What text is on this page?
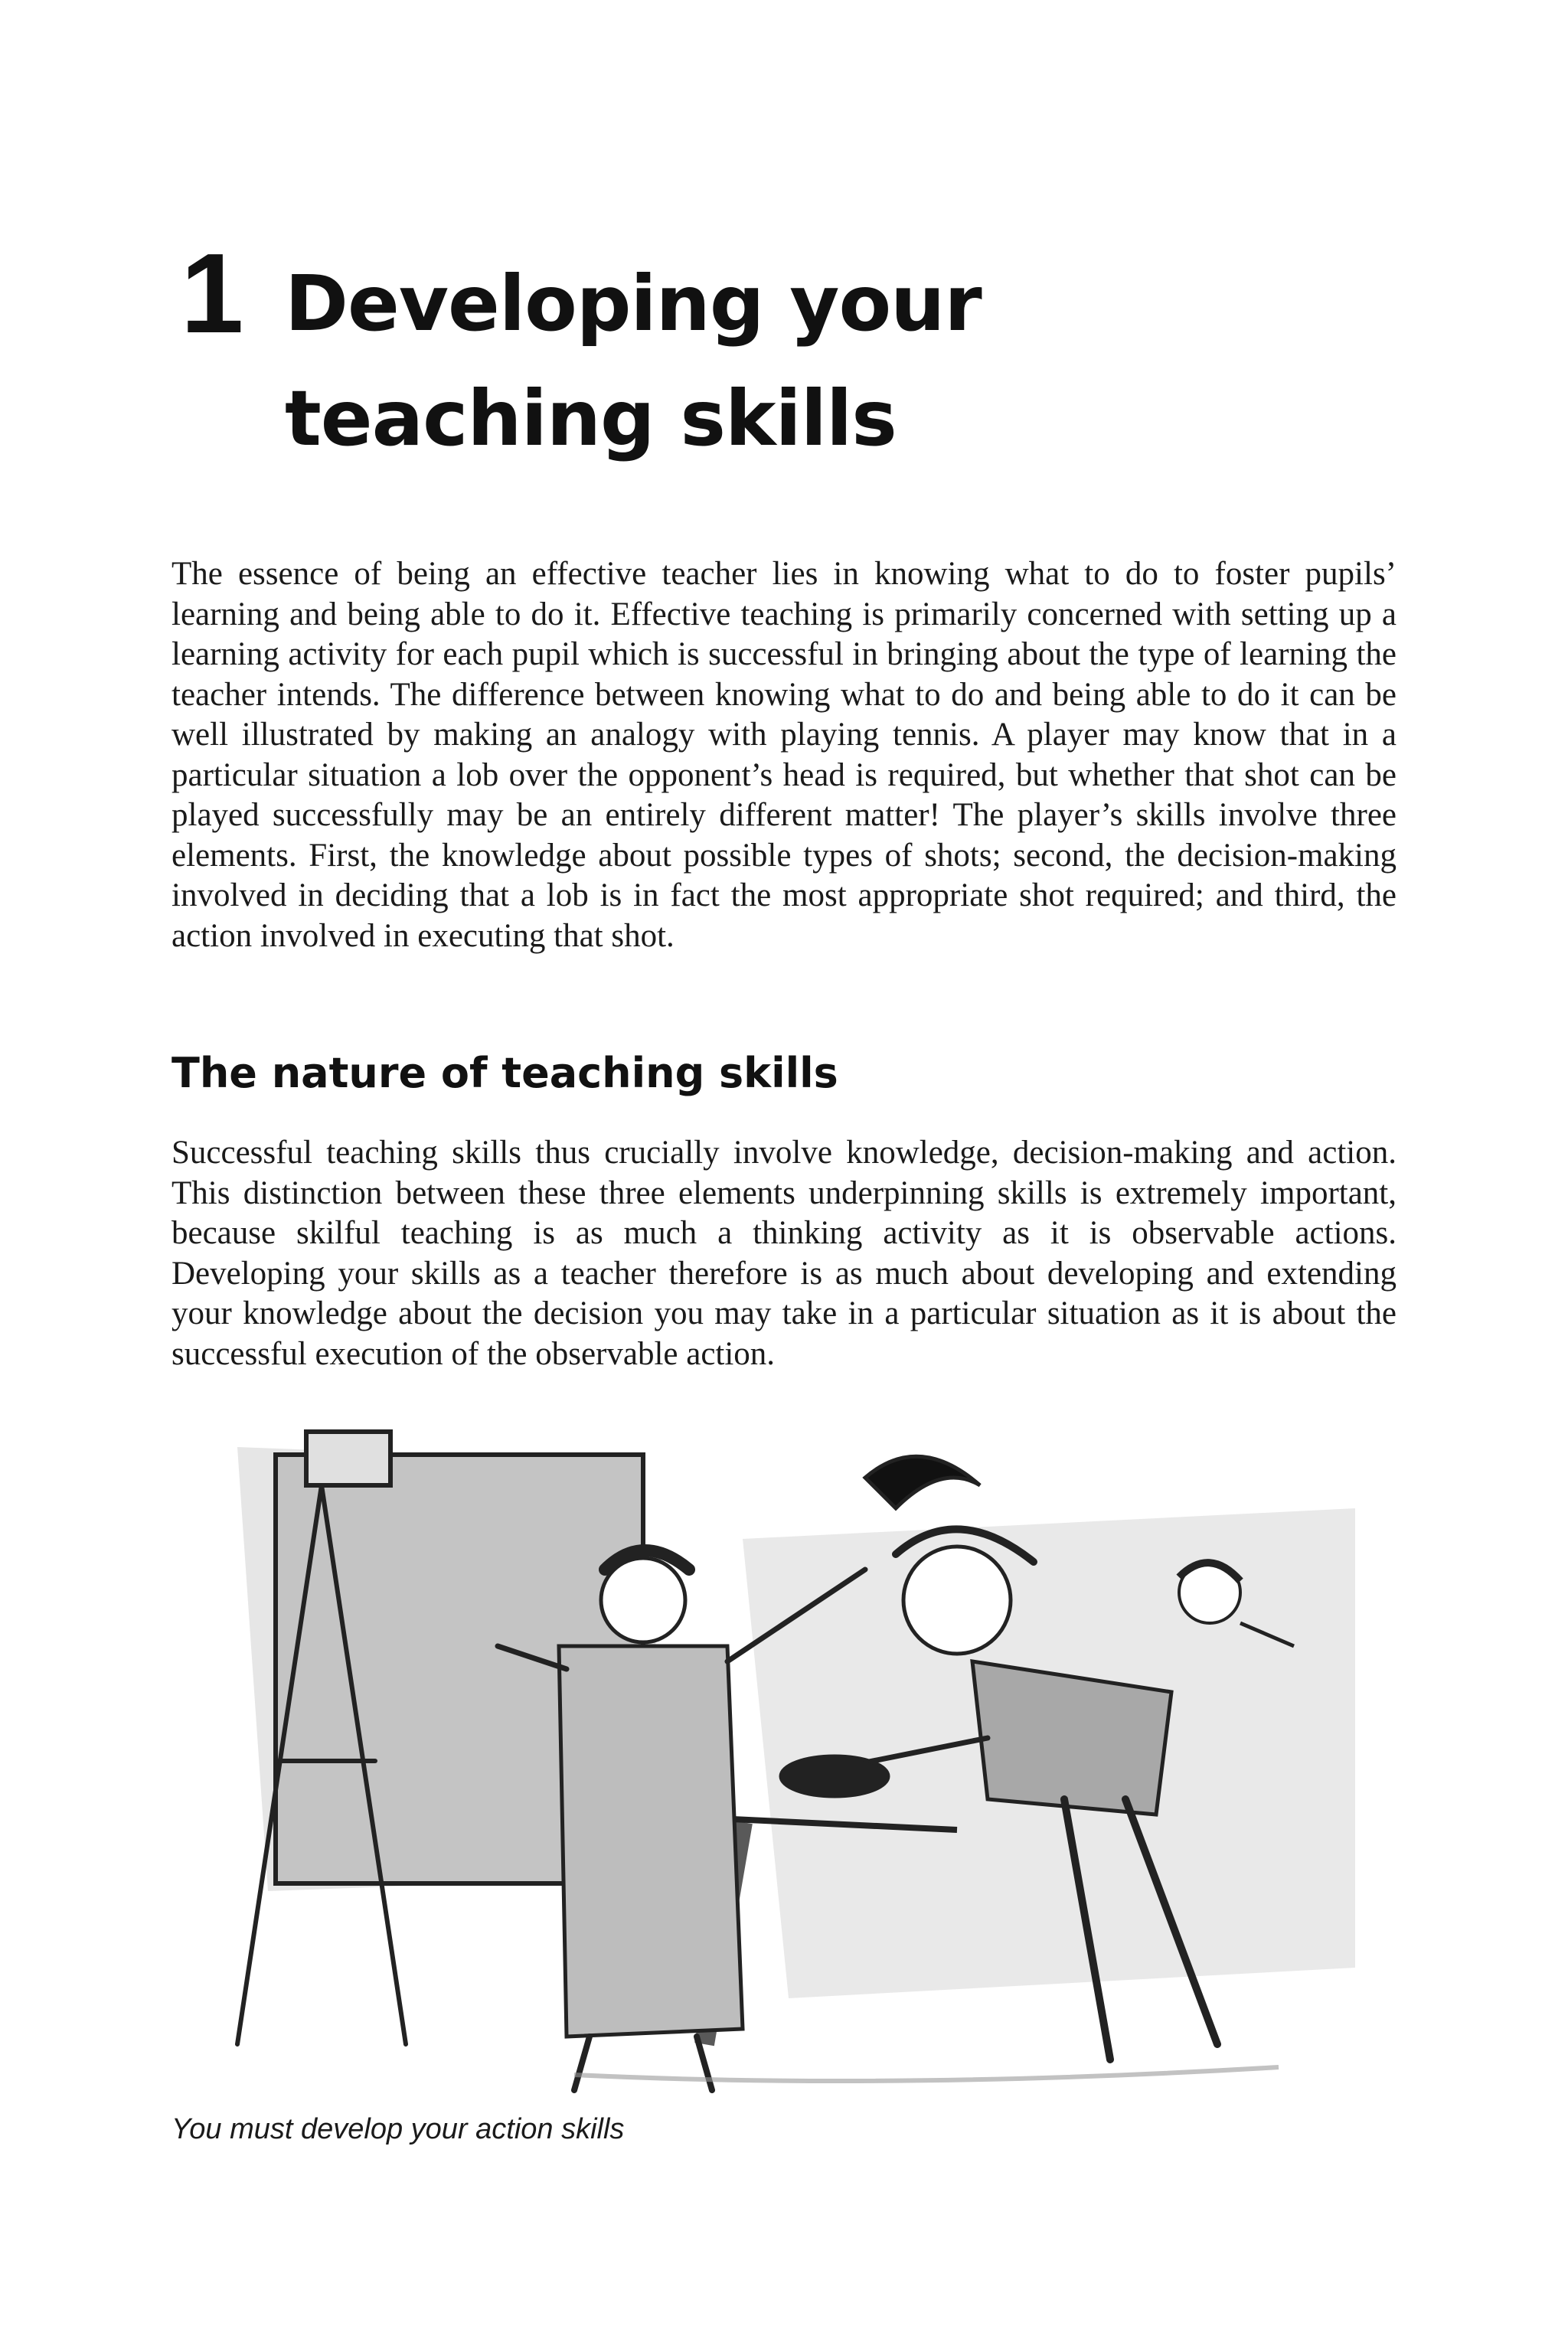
1 Developing your
teaching skills

The essence of being an effective teacher lies in knowing what to do to foster pupils’ learning and being able to do it. Effective teaching is primarily concerned with setting up a learning activity for each pupil which is successful in bringing about the type of learning the teacher intends. The difference between knowing what to do and being able to do it can be well illustrated by making an analogy with playing tennis. A player may know that in a particular situation a lob over the opponent’s head is required, but whether that shot can be played successfully may be an entirely different matter! The player’s skills involve three elements. First, the knowledge about possible types of shots; second, the decision-making involved in deciding that a lob is in fact the most appropriate shot required; and third, the action involved in executing that shot.

The nature of teaching skills

Successful teaching skills thus crucially involve knowledge, decision-making and action. This distinction between these three elements underpinning skills is extremely important, because skilful teaching is as much a thinking activity as it is observable actions. Developing your skills as a teacher therefore is as much about developing and extending your knowledge about the decision you may take in a particular situation as it is about the successful execution of the observable action.

You must develop your action skills
